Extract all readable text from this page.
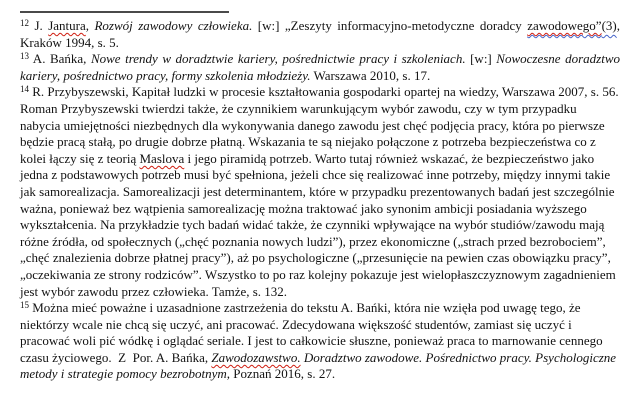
$^{12}$ J. Jantura, Rozwój zawodowy człowieka. [w:] „Zeszyty informacyjno-metodyczne doradcy zawodowego”(3), Kraków 1994, s. 5.

$^{13}$ A. Bańka, Nowe trendy w doradztwie kariery, pośrednictwie pracy i szkoleniach. [w:] Nowoczesne doradztwo kariery, pośrednictwo pracy, formy szkolenia młodzieży. Warszawa 2010, s. 17.

$^{14}$ R. Przybyszewski, Kapitał ludzki w procesie kształtowania gospodarki opartej na wiedzy, Warszawa 2007, s. 56. Roman Przybyszewski twierdzi także, że czynnikiem warunkującym wybór zawodu, czy w tym przypadku nabycia umiejętności niezbędnych dla wykonywania danego zawodu jest chęć podjęcia pracy, która po pierwsze będzie pracą stałą, po drugie dobrze płatną. Wskazania te są niejako połączone z potrzeba bezpieczeństwa co z kolei łączy się z teorią Maslova i jego piramidą potrzeb. Warto tutaj również wskazać, że bezpieczeństwo jako jedna z podstawowych potrzeb musi być spełniona, jeżeli chce się realizować inne potrzeby, między innymi takie jak samorealizacja. Samorealizacji jest determinantem, które w przypadku prezentowanych badań jest szczególnie ważna, ponieważ bez wątpienia samorealizację można traktować jako synonim ambicji posiadania wyższego wykształcenia. Na przykładzie tych badań widać także, że czynniki wpływające na wybór studiów/zawodu mają różne źródła, od społecznych („chęć poznania nowych ludzi”), przez ekonomiczne („strach przed bezrobociem”, „chęć znalezienia dobrze płatnej pracy”), aż po psychologiczne („przesunięcie na pewien czas obowiązku pracy”, „oczekiwania ze strony rodziców”. Wszystko to po raz kolejny pokazuje jest wielopłaszczyznowym zagadnieniem jest wybór zawodu przez człowieka. Tamże, s. 132.

$^{15}$ Można mieć poważne i uzasadnione zastrzeżenia do tekstu A. Bańki, która nie wzięła pod uwagę tego, że niektórzy wcale nie chcą się uczyć, ani pracować. Zdecydowana większość studentów, zamiast się uczyć i pracować woli pić wódkę i oglądać seriale. I jest to całkowicie słuszne, ponieważ praca to marnowanie cennego czasu życiowego.  Z  Por. A. Bańka, Zawodozawstwo. Doradztwo zawodowe. Pośrednictwo pracy. Psychologiczne metody i strategie pomocy bezrobotnym, Poznań 2016, s. 27.
